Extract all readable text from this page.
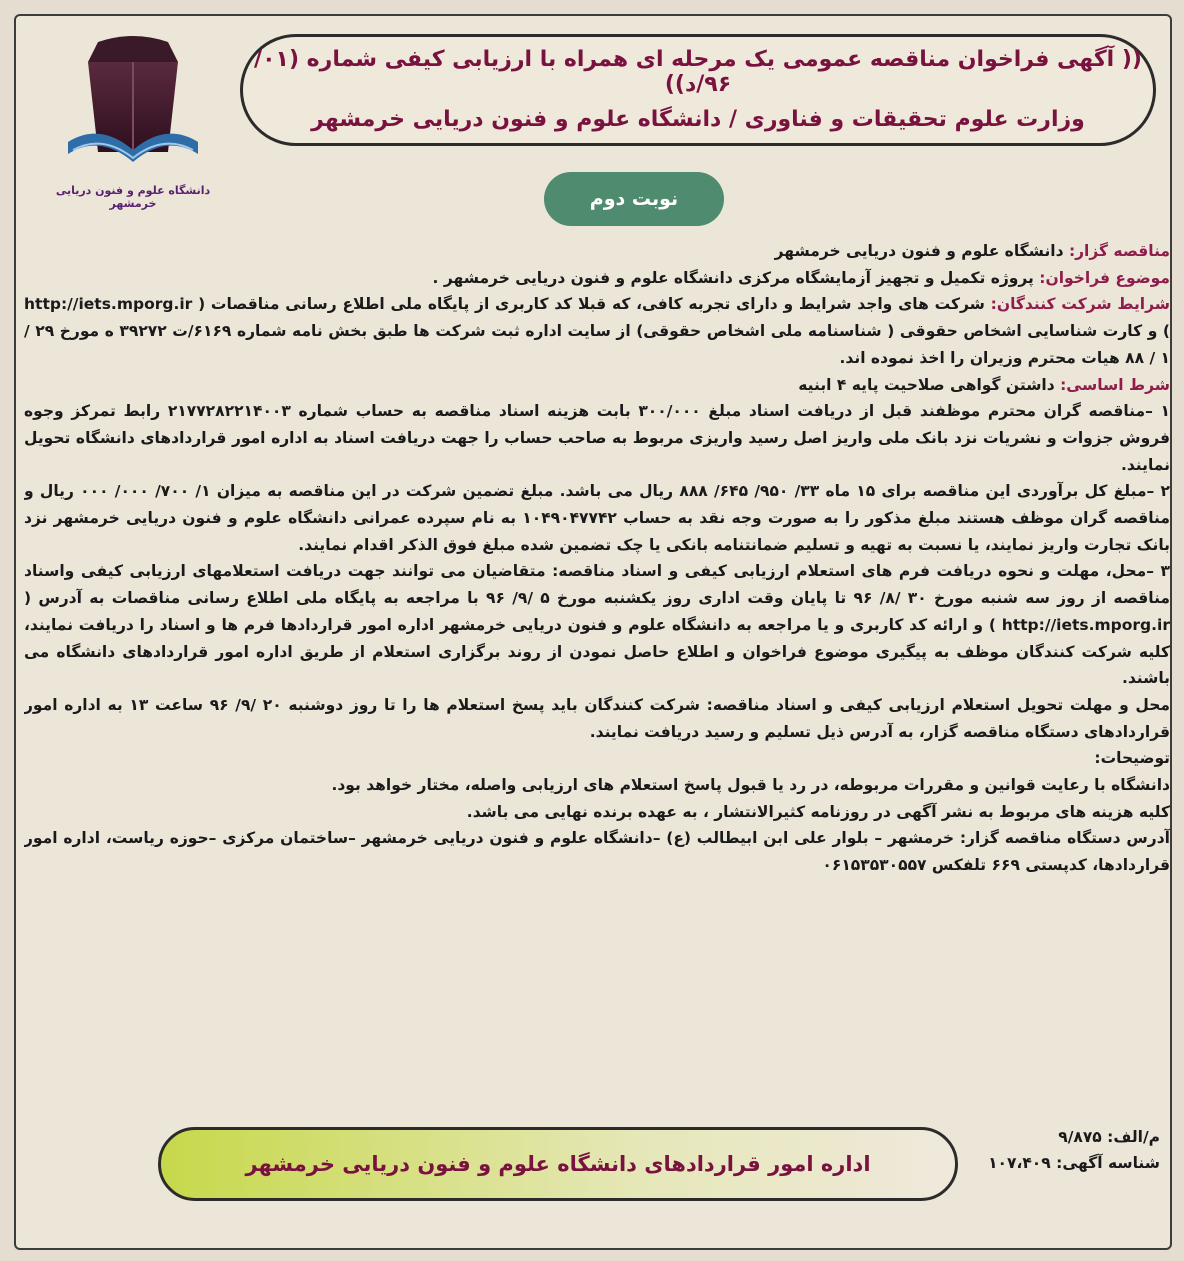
دانشگاه علوم و فنون دریایی خرمشهر
(( آگهی فراخوان مناقصه عمومی یک مرحله ای همراه با ارزیابی کیفی شماره (۰۱/ ۹۶/د))
وزارت علوم تحقیقات و فناوری / دانشگاه علوم و فنون دریایی خرمشهر
نوبت دوم

مناقصه گزار: دانشگاه علوم و فنون دریایی خرمشهر

موضوع فراخوان: پروژه تکمیل و تجهیز آزمایشگاه مرکزی دانشگاه علوم و فنون دریایی خرمشهر .

شرایط شرکت کنندگان: شرکت های واجد شرایط و دارای تجربه کافی، که قبلا کد کاربری از پایگاه ملی اطلاع رسانی مناقصات ( http://iets.mporg.ir ) و کارت شناسایی اشخاص حقوقی ( شناسنامه ملی اشخاص حقوقی) از سایت اداره ثبت شرکت ها طبق بخش نامه شماره ۶۱۶۹/ت ۳۹۲۷۲ ه مورخ ۲۹ / ۱ / ۸۸ هیات محترم وزیران را اخذ نموده اند.

شرط اساسی: داشتن گواهی صلاحیت پایه ۴ ابنیه

۱ –مناقصه گران محترم موظفند قبل از دریافت اسناد مبلغ ۳۰۰/۰۰۰ بابت هزینه اسناد مناقصه به حساب شماره ۲۱۷۷۲۸۲۲۱۴۰۰۳ رابط تمرکز وجوه فروش جزوات و نشریات نزد بانک ملی واریز اصل رسید واریزی مربوط به صاحب حساب را جهت دریافت اسناد به اداره امور قراردادهای دانشگاه تحویل نمایند.

۲ –مبلغ کل برآوردی این مناقصه برای ۱۵ ماه ۳۳/ ۹۵۰/ ۶۴۵/ ۸۸۸ ریال می باشد. مبلغ تضمین شرکت در این مناقصه به میزان ۱/ ۷۰۰/ ۰۰۰/ ۰۰۰ ریال و مناقصه گران موظف هستند مبلغ مذکور را به صورت وجه نقد به حساب ۱۰۴۹۰۴۷۷۴۲ به نام سپرده عمرانی دانشگاه علوم و فنون دریایی خرمشهر نزد بانک تجارت واریز نمایند، یا نسبت به تهیه و تسلیم ضمانتنامه بانکی یا چک تضمین شده مبلغ فوق الذکر اقدام نمایند.

۳ –محل، مهلت و نحوه دریافت فرم های استعلام ارزیابی کیفی و اسناد مناقصه: متقاضیان می توانند جهت دریافت استعلامهای ارزیابی کیفی واسناد مناقصه از روز سه شنبه مورخ ۳۰ /۸/ ۹۶ تا پایان وقت اداری روز یکشنبه مورخ ۵ /۹/ ۹۶ با مراجعه به پایگاه ملی اطلاع رسانی مناقصات به آدرس ( http://iets.mporg.ir ) و ارائه کد کاربری و یا مراجعه به دانشگاه علوم و فنون دریایی خرمشهر اداره امور قراردادها فرم ها و اسناد را دریافت نمایند، کلیه شرکت کنندگان موظف به پیگیری موضوع فراخوان و اطلاع حاصل نمودن از روند برگزاری استعلام از طریق اداره امور قراردادهای دانشگاه می باشند.

محل و مهلت تحویل استعلام ارزیابی کیفی و اسناد مناقصه: شرکت کنندگان باید پسخ استعلام ها را تا روز دوشنبه ۲۰ /۹/ ۹۶ ساعت ۱۳ به اداره امور قراردادهای دستگاه مناقصه گزار، به آدرس ذیل تسلیم و رسید دریافت نمایند.

توضیحات:

دانشگاه با رعایت قوانین و مقررات مربوطه، در رد یا قبول پاسخ استعلام های ارزیابی واصله، مختار خواهد بود.

کلیه هزینه های مربوط به نشر آگهی در روزنامه کثیرالانتشار ، به عهده برنده نهایی می باشد.

آدرس دستگاه مناقصه گزار: خرمشهر – بلوار علی ابن ابیطالب (ع) –دانشگاه علوم و فنون دریایی خرمشهر –ساختمان مرکزی –حوزه ریاست، اداره امور قراردادها، کدپستی ۶۶۹ تلفکس ۰۶۱۵۳۵۳۰۵۵۷

م/الف: ۹/۸۷۵
شناسه آگهی: ۱۰۷،۴۰۹
اداره امور قراردادهای دانشگاه علوم و فنون دریایی خرمشهر
